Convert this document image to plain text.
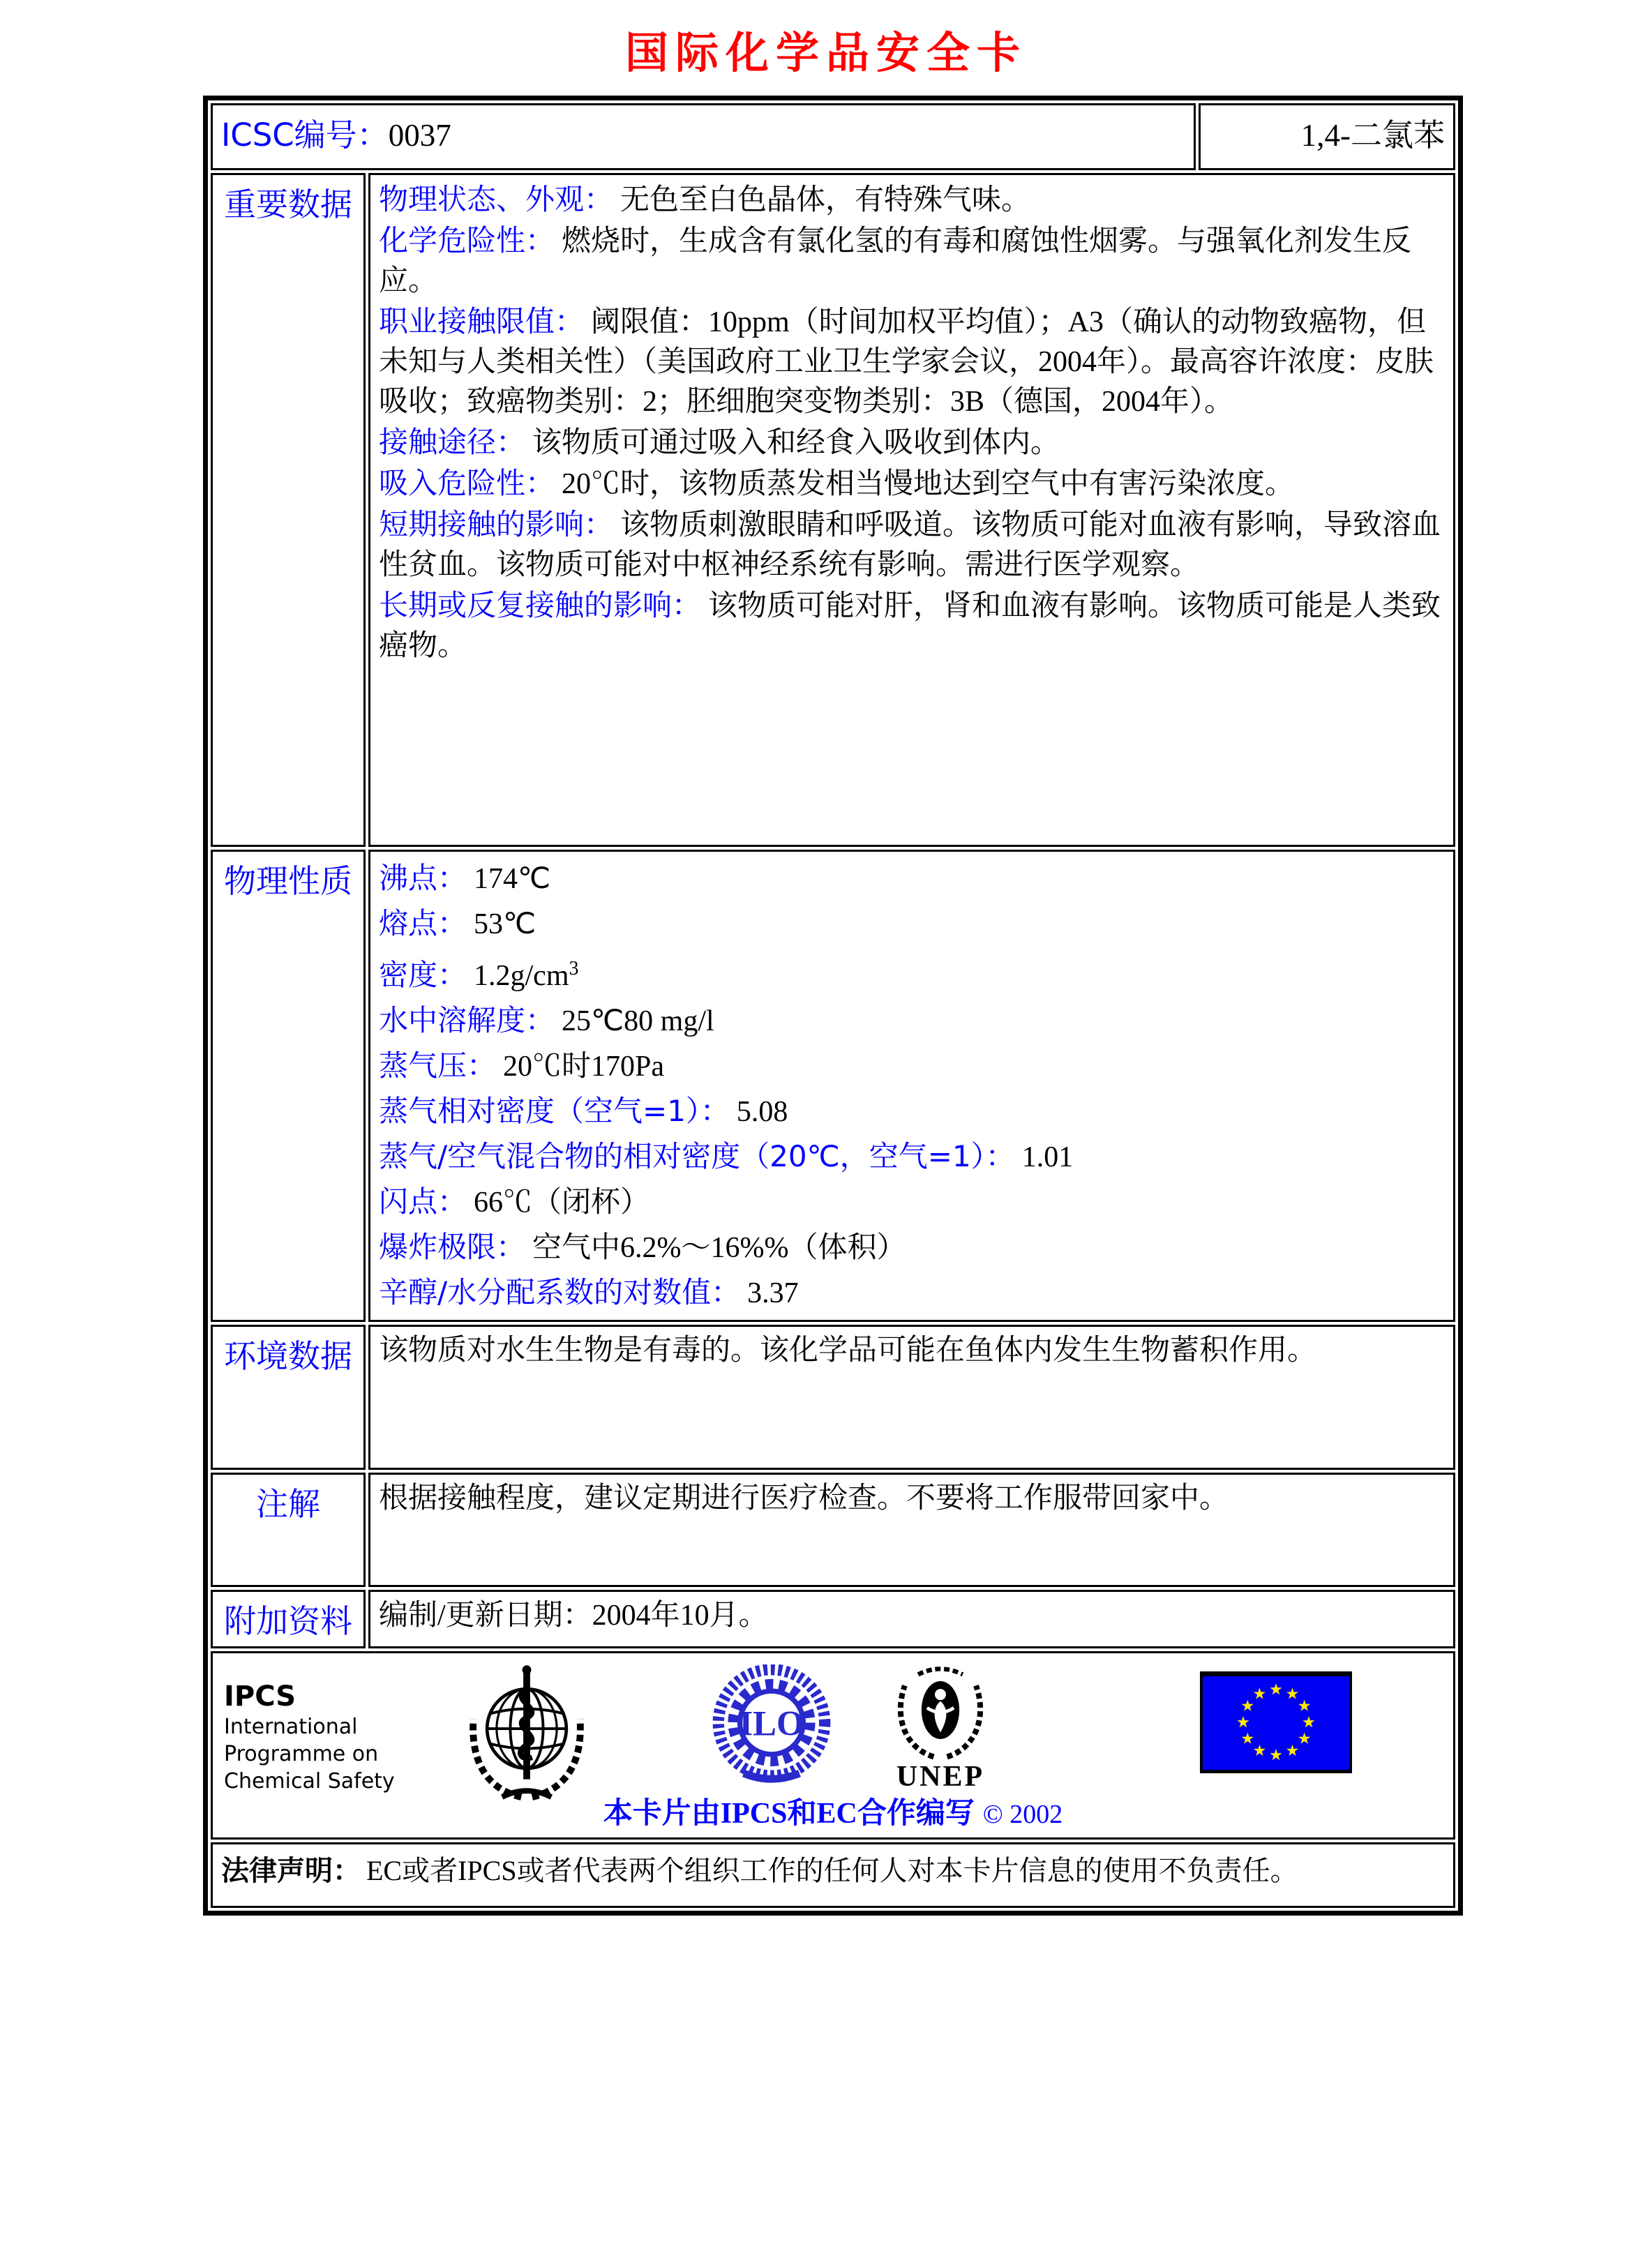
国际化学品安全卡
ICSC编号：0037		1,4-二氯苯
重要数据	物理状态、外观： 无色至白色晶体，有特殊气味。
化学危险性： 燃烧时，生成含有氯化氢的有毒和腐蚀性烟雾。与强氧化剂发生反应。
职业接触限值： 阈限值：10ppm（时间加权平均值）；A3（确认的动物致癌物，但未知与人类相关性）（美国政府工业卫生学家会议，2004年）。最高容许浓度：皮肤吸收；致癌物类别：2；胚细胞突变物类别：3B（德国，2004年）。
接触途径： 该物质可通过吸入和经食入吸收到体内。
吸入危险性： 20℃时，该物质蒸发相当慢地达到空气中有害污染浓度。
短期接触的影响： 该物质刺激眼睛和呼吸道。该物质可能对血液有影响，导致溶血性贫血。该物质可能对中枢神经系统有影响。需进行医学观察。
长期或反复接触的影响： 该物质可能对肝，肾和血液有影响。该物质可能是人类致癌物。

物理性质	沸点： 174℃
熔点： 53℃
密度： $1.2g/cm^3$
水中溶解度： 25℃80 mg/l
蒸气压： 20℃时170Pa
蒸气相对密度（空气=1）： 5.08
蒸气/空气混合物的相对密度（20℃，空气=1）： 1.01
闪点： 66℃（闭杯）
爆炸极限： 空气中6.2%～16%%（体积）
辛醇/水分配系数的对数值： 3.37

环境数据	该物质对水生生物是有毒的。该化学品可能在鱼体内发生生物蓄积作用。	

注解	根据接触程度，建议定期进行医疗检查。不要将工作服带回家中。	

附加资料	编制/更新日期：2004年10月。	

IPCS
International
Programme on
Chemical Safety
ILO
UNEP
本卡片由IPCS和EC合作编写 © 2002

法律声明： EC或者IPCS或者代表两个组织工作的任何人对本卡片信息的使用不负责任。		
